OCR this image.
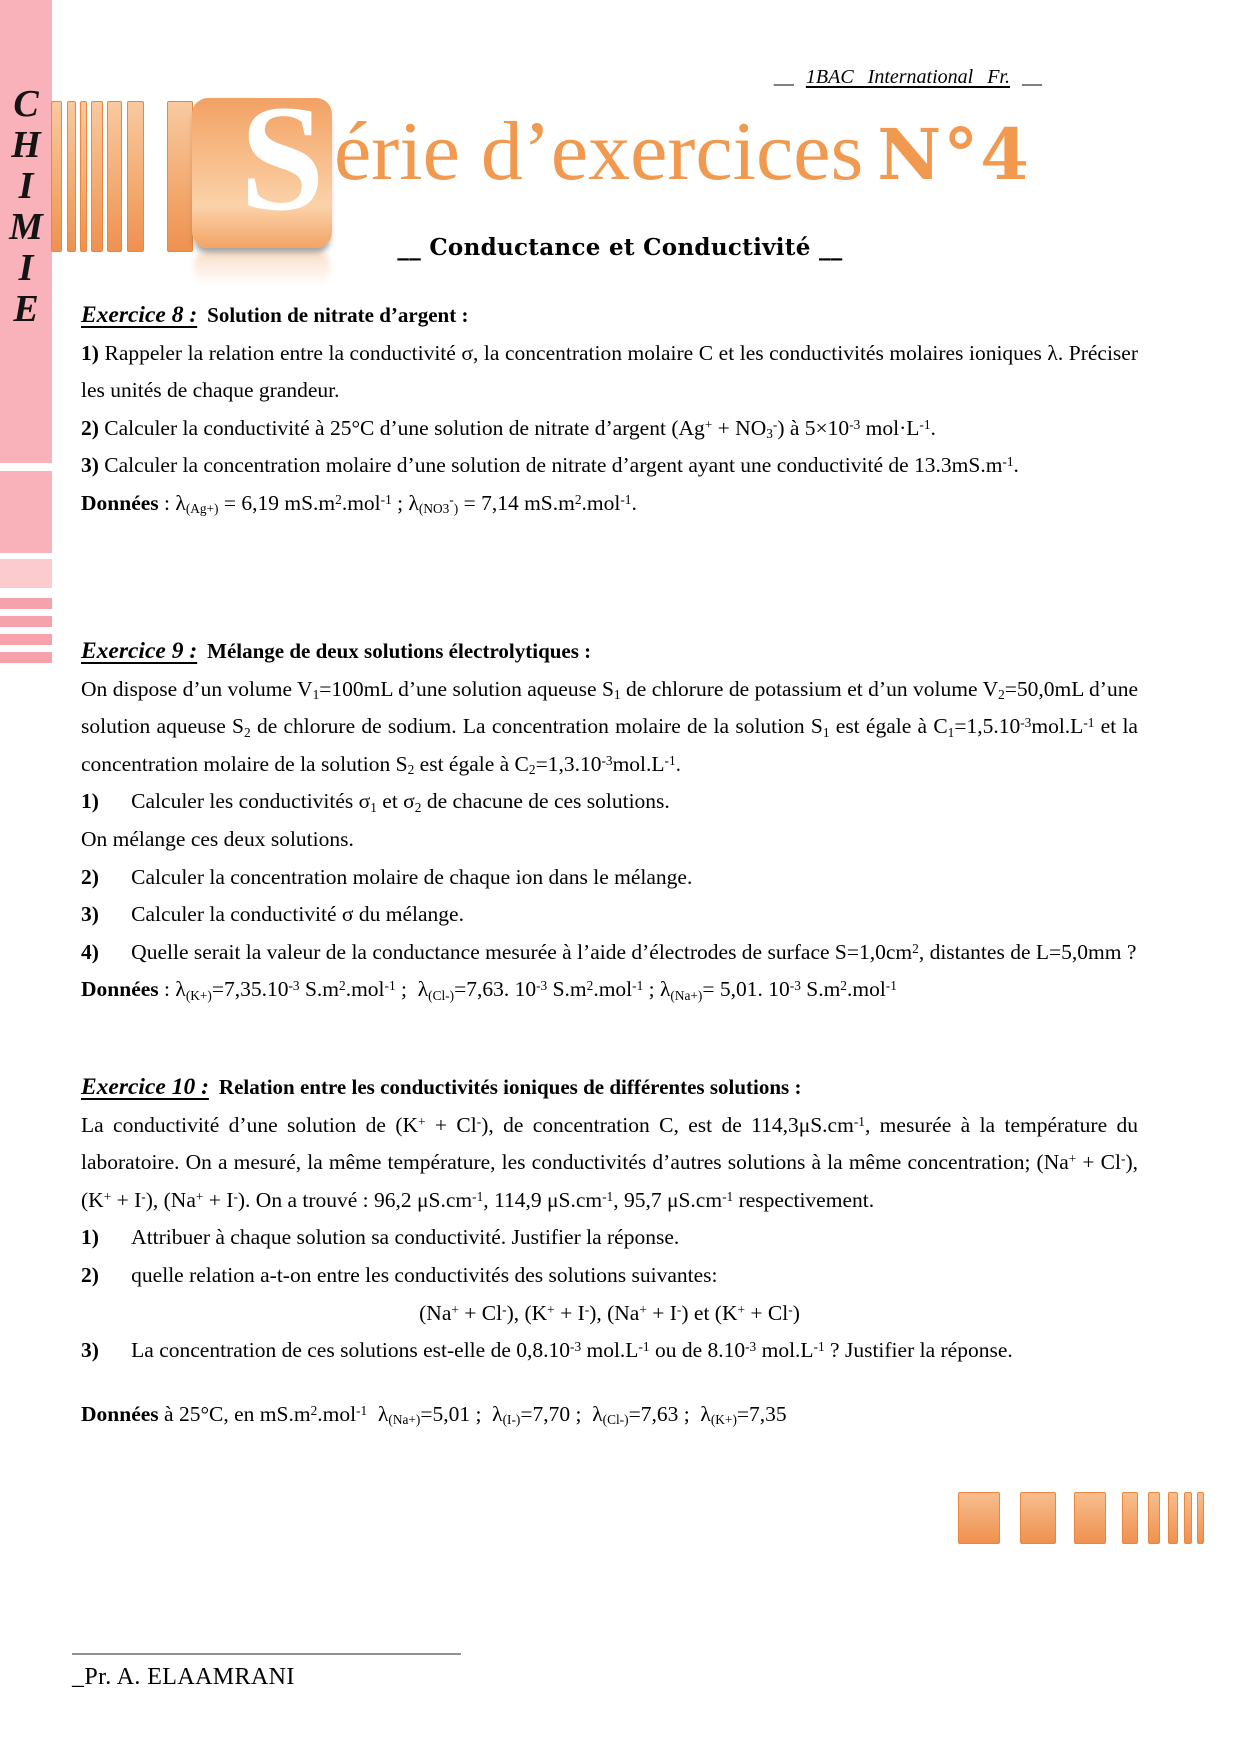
C
H
I
M
I
E
__ 1BAC International Fr. __
S érie d’exercices N°4
__ Conductance et Conductivité __

Exercice 8 : Solution de nitrate d’argent :

1) Rappeler la relation entre la conductivité σ, la concentration molaire C et les conductivités molaires ioniques λ. Préciser les unités de chaque grandeur.

2) Calculer la conductivité à 25°C d’une solution de nitrate d’argent $(Ag^+ + NO_3^-)$ à $5\times 10^{-3}$ $mol\cdot L^{-1}$.

3) Calculer la concentration molaire d’une solution de nitrate d’argent ayant une conductivité de $13.3mS.m^{-1}$.

Données : $\lambda_{(Ag+)} = 6,19$ $mS.m^2.mol^{-1}$ ; $\lambda_{(NO3}^-_) = 7,14$ $mS.m^2.mol^{-1}$.

Exercice 9 : Mélange de deux solutions électrolytiques :

On dispose d’un volume $V_1=100mL$ d’une solution aqueuse $S_1$ de chlorure de potassium et d’un volume $V_2=50,0mL$ d’une solution aqueuse $S_2$ de chlorure de sodium. La concentration molaire de la solution $S_1$ est égale à $C_1=1,5.10^{-3}mol.L^{-1}$ et la concentration molaire de la solution $S_2$ est égale à $C_2=1,3.10^{-3}mol.L^{-1}$.

1)  Calculer les conductivités $\sigma_1$ et $\sigma_2$ de chacune de ces solutions.

On mélange ces deux solutions.

2)  Calculer la concentration molaire de chaque ion dans le mélange.

3)  Calculer la conductivité σ du mélange.

4)  Quelle serait la valeur de la conductance mesurée à l’aide d’électrodes de surface $S=1,0cm^2$, distantes de L=5,0mm ?

Données : $\lambda_{(K+)}=7,35.10^{-3}$ $S.m^2.mol^{-1}$ ; $\lambda_{(Cl-)}=7,63$. $10^{-3}$ $S.m^2.mol^{-1}$ ; $\lambda_{(Na+)}= 5,01$. $10^{-3}$ $S.m^2.mol^{-1}$

Exercice 10 : Relation entre les conductivités ioniques de différentes solutions :

La conductivité d’une solution de (K+ + Cl-), de concentration C, est de $114,3\mu S.cm^{-1}$, mesurée à la température du laboratoire. On a mesuré, la même température, les conductivités d’autres solutions à la même concentration; (Na+ + Cl-), (K+ + I-), (Na+ + I-). On a trouvé : 96,2 $\mu S.cm^{-1}$, 114,9 $\mu S.cm^{-1}$, 95,7 $\mu S.cm^{-1}$ respectivement.

1)  Attribuer à chaque solution sa conductivité. Justifier la réponse.

2)  quelle relation a-t-on entre les conductivités des solutions suivantes:

(Na+ + Cl-), (K+ + I-), (Na+ + I-) et (K+ + Cl-)

3)  La concentration de ces solutions est-elle de $0,8.10^{-3}$ $mol.L^{-1}$ ou de $8.10^{-3}$ $mol.L^{-1}$ ? Justifier la réponse.

Données à 25°C, en $mS.m^2.mol^{-1}$ $\lambda_{(Na+)}=5,01$ ; $\lambda_{(I-)}=7,70$ ; $\lambda_{(Cl-)}=7,63$ ; $\lambda_{(K+)}=7,35$

_Pr. A. ELAAMRANI
